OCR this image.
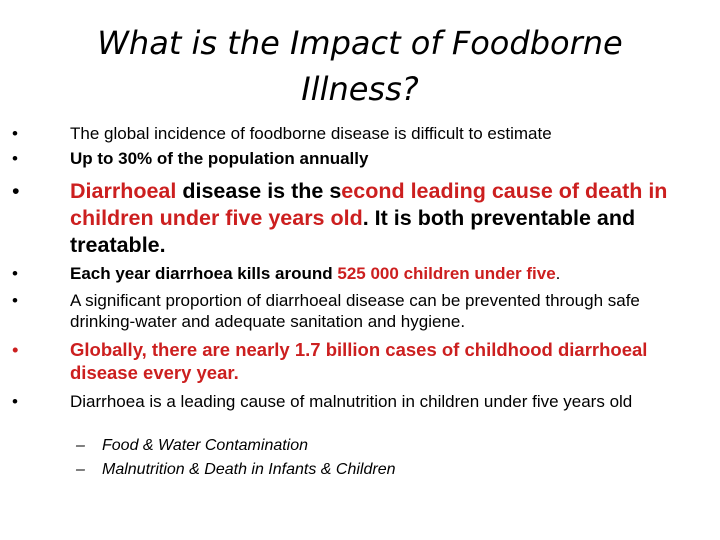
What is the Impact of Foodborne Illness?

•	The global incidence of foodborne disease is difficult to estimate

•	Up to 30% of the population annually

•	Diarrhoeal disease is the second leading cause of death in children under five years old. It is both preventable and treatable.

•	Each year diarrhoea kills around 525 000 children under five.

•	A significant proportion of diarrhoeal disease can be prevented through safe drinking-water and adequate sanitation and hygiene.

•	Globally, there are nearly 1.7 billion cases of childhood diarrhoeal disease every year.

•	Diarrhoea is a leading cause of malnutrition in children under five years old

– Food & Water Contamination

– Malnutrition & Death in Infants & Children
